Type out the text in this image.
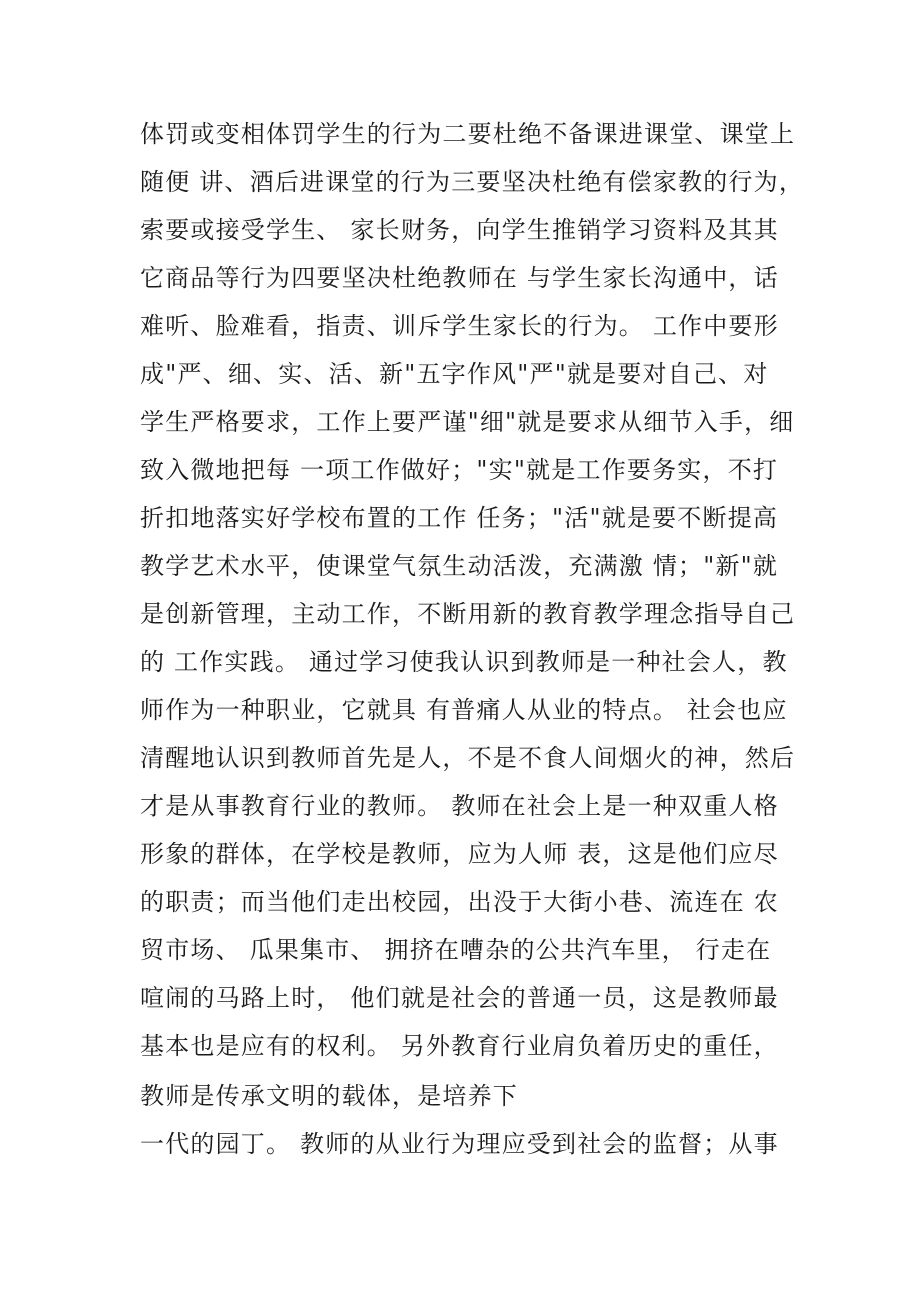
体罚或变相体罚学生的行为二要杜绝不备课进课堂、课堂上
随便 讲、酒后进课堂的行为三要坚决杜绝有偿家教的行为，
索要或接受学生、 家长财务，向学生推销学习资料及其其
它商品等行为四要坚决杜绝教师在 与学生家长沟通中，话
难听、脸难看，指责、训斥学生家长的行为。 工作中要形
成"严、细、实、活、新"五字作风"严"就是要对自己、对
学生严格要求，工作上要严谨"细"就是要求从细节入手，细
致入微地把每 一项工作做好；"实"就是工作要务实，不打
折扣地落实好学校布置的工作 任务；"活"就是要不断提高
教学艺术水平，使课堂气氛生动活泼，充满激 情；"新"就
是创新管理，主动工作，不断用新的教育教学理念指导自己
的 工作实践。 通过学习使我认识到教师是一种社会人，教
师作为一种职业，它就具 有普痛人从业的特点。 社会也应
清醒地认识到教师首先是人，不是不食人间烟火的神，然后
才是从事教育行业的教师。 教师在社会上是一种双重人格
形象的群体，在学校是教师，应为人师 表，这是他们应尽
的职责；而当他们走出校园，出没于大街小巷、流连在 农
贸市场、 瓜果集市、 拥挤在嘈杂的公共汽车里， 行走在
喧闹的马路上时， 他们就是社会的普通一员，这是教师最
基本也是应有的权利。 另外教育行业肩负着历史的重任，
教师是传承文明的载体，是培养下
一代的园丁。 教师的从业行为理应受到社会的监督；从事
